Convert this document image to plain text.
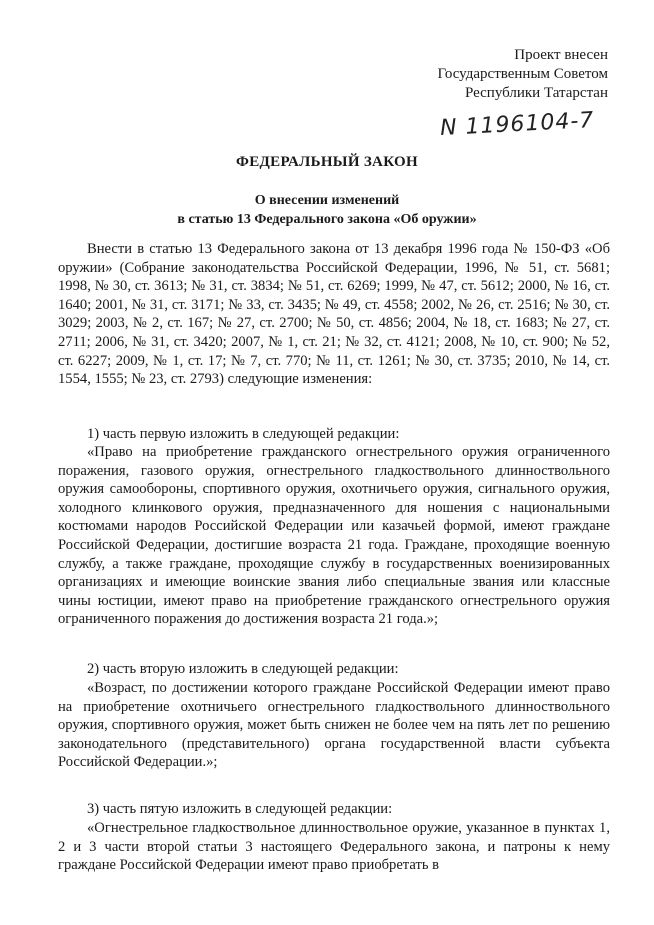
Проект внесен
Государственным Советом
Республики Татарстан
N 1196104-7
ФЕДЕРАЛЬНЫЙ ЗАКОН
О внесении изменений
в статью 13 Федерального закона «Об оружии»

Внести в статью 13 Федерального закона от 13 декабря 1996 года № 150-ФЗ «Об оружии» (Собрание законодательства Российской Федерации, 1996, № 51, ст. 5681; 1998, № 30, ст. 3613; № 31, ст. 3834; № 51, ст. 6269; 1999, № 47, ст. 5612; 2000, № 16, ст. 1640; 2001, № 31, ст. 3171; № 33, ст. 3435; № 49, ст. 4558; 2002, № 26, ст. 2516; № 30, ст. 3029; 2003, № 2, ст. 167; № 27, ст. 2700; № 50, ст. 4856; 2004, № 18, ст. 1683; № 27, ст. 2711; 2006, № 31, ст. 3420; 2007, № 1, ст. 21; № 32, ст. 4121; 2008, № 10, ст. 900; № 52, ст. 6227; 2009, № 1, ст. 17; № 7, ст. 770; № 11, ст. 1261; № 30, ст. 3735; 2010, № 14, ст. 1554, 1555; № 23, ст. 2793) следующие изменения:

1) часть первую изложить в следующей редакции:

«Право на приобретение гражданского огнестрельного оружия ограниченного поражения, газового оружия, огнестрельного гладкоствольного длинноствольного оружия самообороны, спортивного оружия, охотничьего оружия, сигнального оружия, холодного клинкового оружия, предназначенного для ношения с национальными костюмами народов Российской Федерации или казачьей формой, имеют граждане Российской Федерации, достигшие возраста 21 года. Граждане, проходящие военную службу, а также граждане, проходящие службу в государственных военизированных организациях и имеющие воинские звания либо специальные звания или классные чины юстиции, имеют право на приобретение гражданского огнестрельного оружия ограниченного поражения до достижения возраста 21 года.»;

2) часть вторую изложить в следующей редакции:

«Возраст, по достижении которого граждане Российской Федерации имеют право на приобретение охотничьего огнестрельного гладкоствольного длинноствольного оружия, спортивного оружия, может быть снижен не более чем на пять лет по решению законодательного (представительного) органа государственной власти субъекта Российской Федерации.»;

3) часть пятую изложить в следующей редакции:

«Огнестрельное гладкоствольное длинноствольное оружие, указанное в пунктах 1, 2 и 3 части второй статьи 3 настоящего Федерального закона, и патроны к нему граждане Российской Федерации имеют право приобретать в
